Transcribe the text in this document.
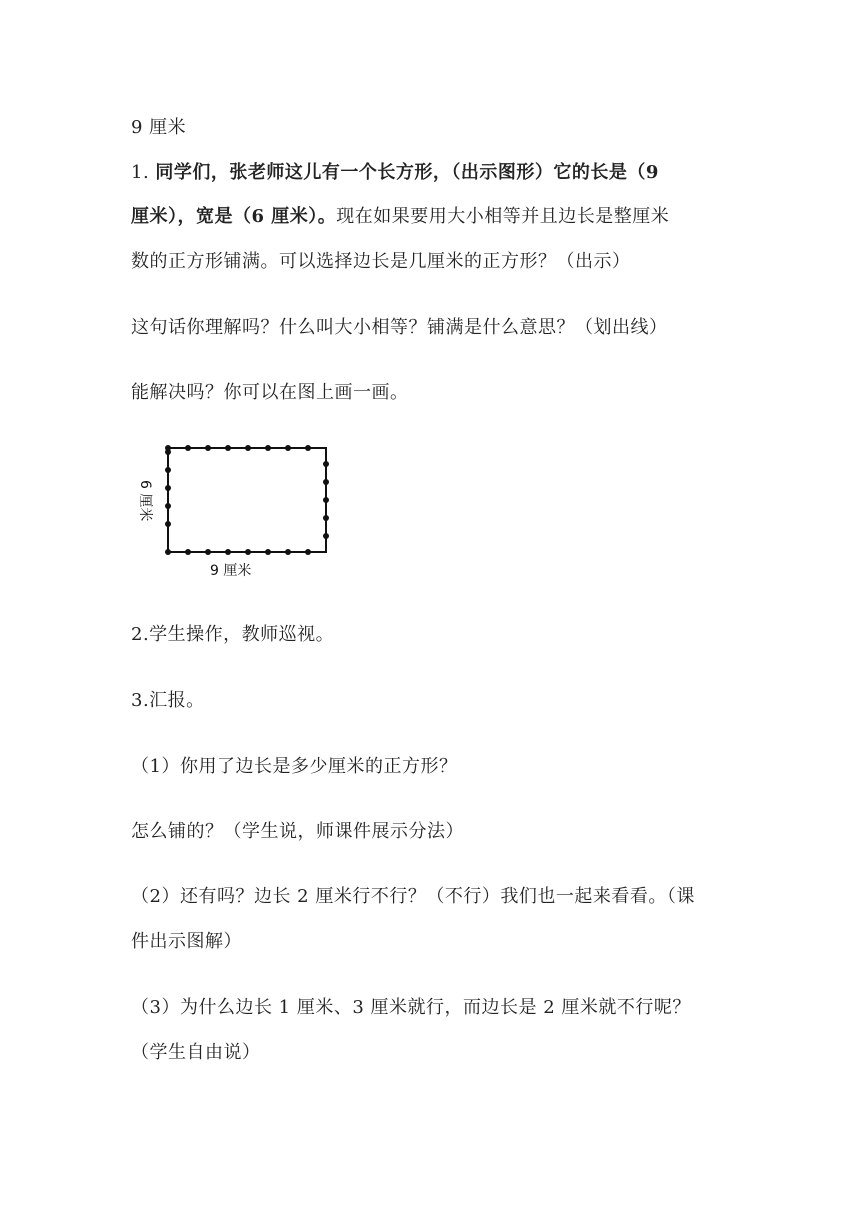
9 厘米
1. 同学们，张老师这儿有一个长方形，（出示图形）它的长是（9
厘米），宽是（6 厘米）。现在如果要用大小相等并且边长是整厘米
数的正方形铺满。可以选择边长是几厘米的正方形？（出示）
这句话你理解吗？什么叫大小相等？铺满是什么意思？（划出线）
能解决吗？你可以在图上画一画。
9 厘米
6 厘米
2.学生操作，教师巡视。
3.汇报。
（1）你用了边长是多少厘米的正方形？
怎么铺的？（学生说，师课件展示分法）
（2）还有吗？边长 2 厘米行不行？（不行）我们也一起来看看。（课
件出示图解）
（3）为什么边长 1 厘米、3 厘米就行，而边长是 2 厘米就不行呢？
（学生自由说）
